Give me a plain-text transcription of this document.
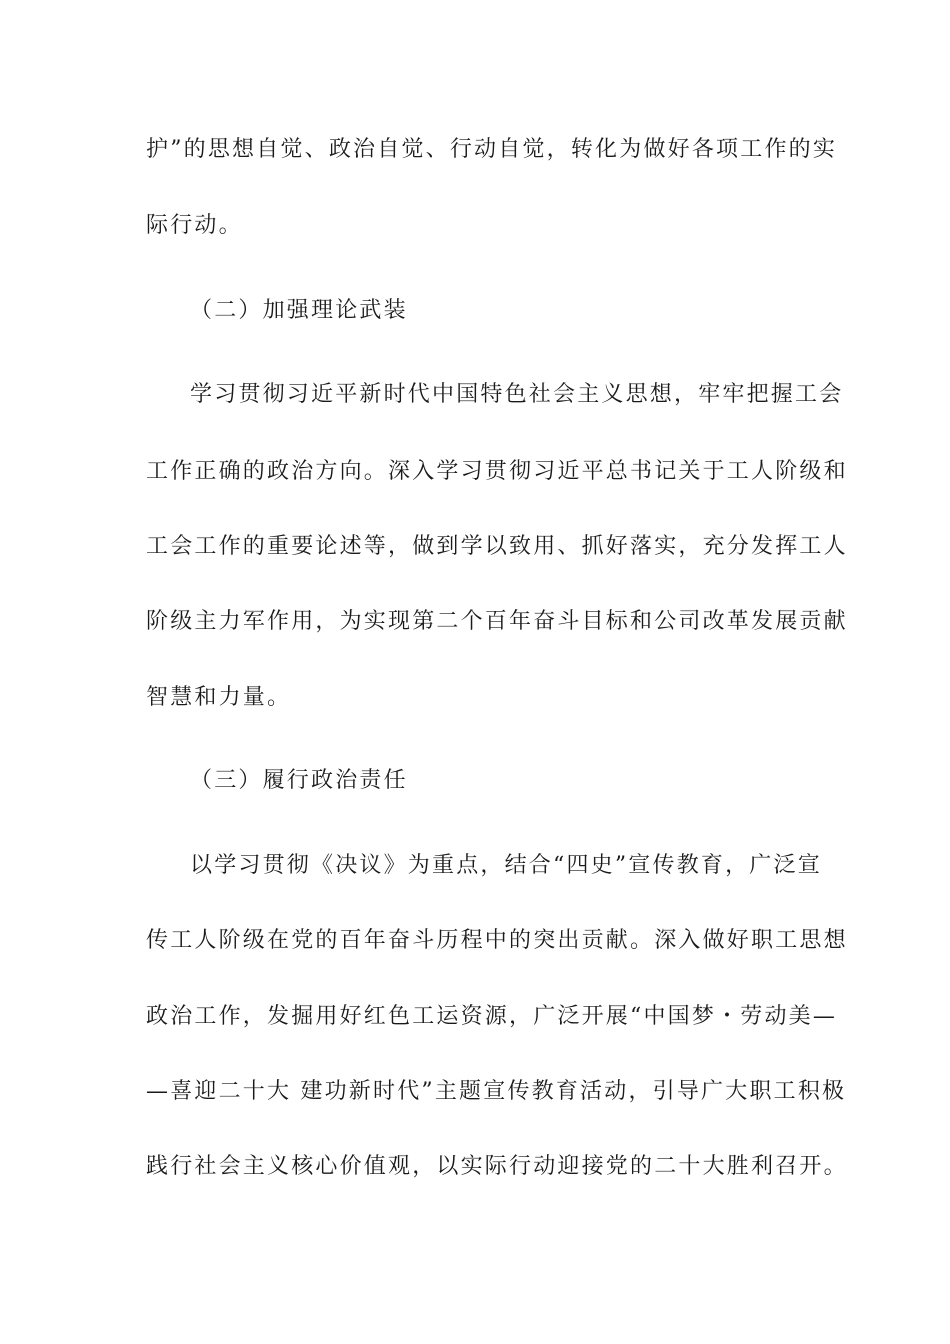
护”的思想自觉、政治自觉、行动自觉，转化为做好各项工作的实
际行动。
（二）加强理论武装
学习贯彻习近平新时代中国特色社会主义思想，牢牢把握工会
工作正确的政治方向。深入学习贯彻习近平总书记关于工人阶级和
工会工作的重要论述等，做到学以致用、抓好落实，充分发挥工人
阶级主力军作用，为实现第二个百年奋斗目标和公司改革发展贡献
智慧和力量。
（三）履行政治责任
以学习贯彻《决议》为重点，结合“四史”宣传教育，广泛宣
传工人阶级在党的百年奋斗历程中的突出贡献。深入做好职工思想
政治工作，发掘用好红色工运资源，广泛开展“中国梦・劳动美—
—喜迎二十大 建功新时代”主题宣传教育活动，引导广大职工积极
践行社会主义核心价值观，以实际行动迎接党的二十大胜利召开。
